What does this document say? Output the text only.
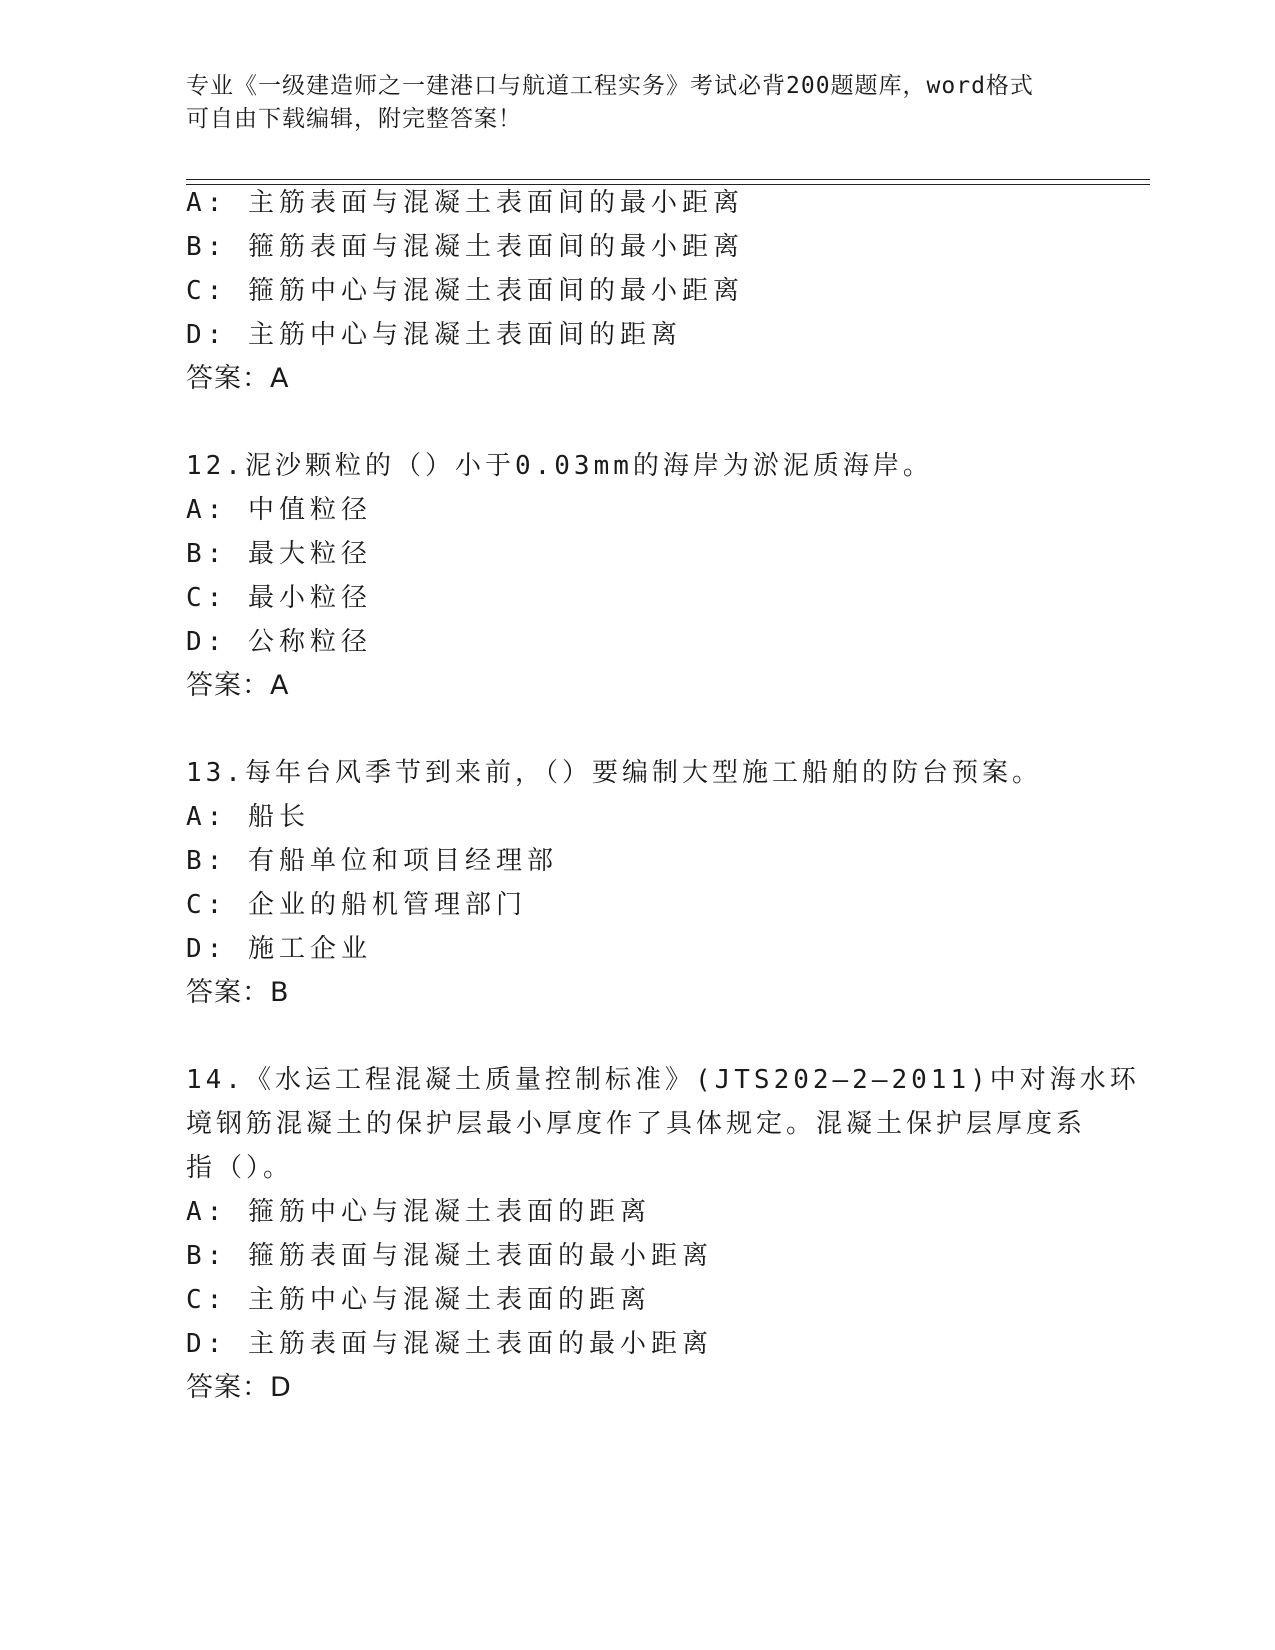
专业《一级建造师之一建港口与航道工程实务》考试必背200题题库，word格式
可自由下载编辑，附完整答案！
A: 主筋表面与混凝土表面间的最小距离
B: 箍筋表面与混凝土表面间的最小距离
C: 箍筋中心与混凝土表面间的最小距离
D: 主筋中心与混凝土表面间的距离
答案：A
12.泥沙颗粒的（）小于0.03mm的海岸为淤泥质海岸。
A: 中值粒径
B: 最大粒径
C: 最小粒径
D: 公称粒径
答案：A
13.每年台风季节到来前，（）要编制大型施工船舶的防台预案。
A: 船长
B: 有船单位和项目经理部
C: 企业的船机管理部门
D: 施工企业
答案：B
14.《水运工程混凝土质量控制标准》(JTS202—2—2011)中对海水环
境钢筋混凝土的保护层最小厚度作了具体规定。混凝土保护层厚度系
指（）。
A: 箍筋中心与混凝土表面的距离
B: 箍筋表面与混凝土表面的最小距离
C: 主筋中心与混凝土表面的距离
D: 主筋表面与混凝土表面的最小距离
答案：D
